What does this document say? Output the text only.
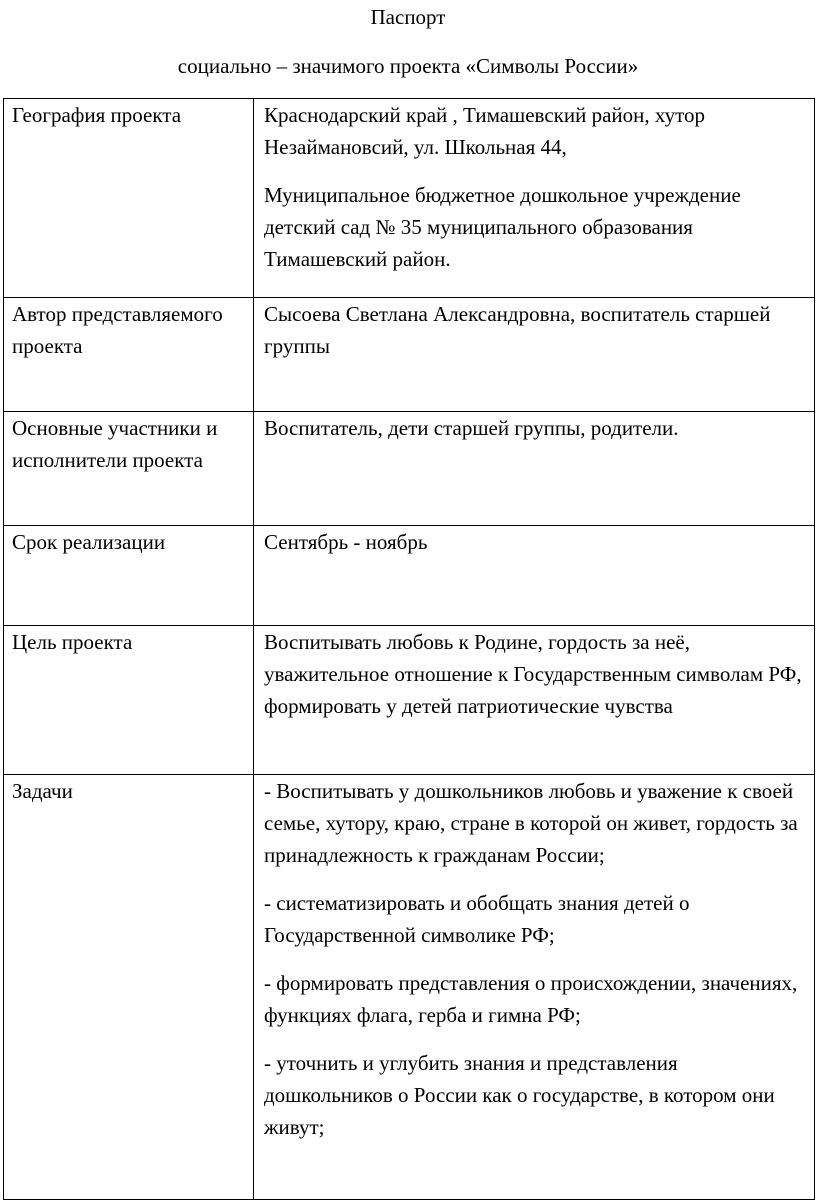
Паспорт
социально – значимого проекта «Символы России»
География проекта	Краснодарский край , Тимашевский район, хутор Незаймановсий, ул. Школьная 44,

Муниципальное бюджетное дошкольное учреждение детский сад № 35 муниципального образования Тимашевский район.

Автор представляемого проекта	Сысоева Светлана Александровна, воспитатель старшей группы

Основные участники и исполнители проекта	Воспитатель, дети старшей группы, родители.

Срок реализации	Сентябрь - ноябрь

Цель проекта	Воспитывать любовь к Родине, гордость за неё, уважительное отношение к Государственным символам РФ, формировать у детей патриотические чувства

Задачи	- Воспитывать у дошкольников любовь и уважение к своей семье, хутору, краю, стране в которой он живет, гордость за принадлежность к гражданам России;

- систематизировать и обобщать знания детей о Государственной символике РФ;

- формировать представления о происхождении, значениях, функциях флага, герба и гимна РФ;

- уточнить и углубить знания и представления дошкольников о России как о государстве, в котором они живут;
